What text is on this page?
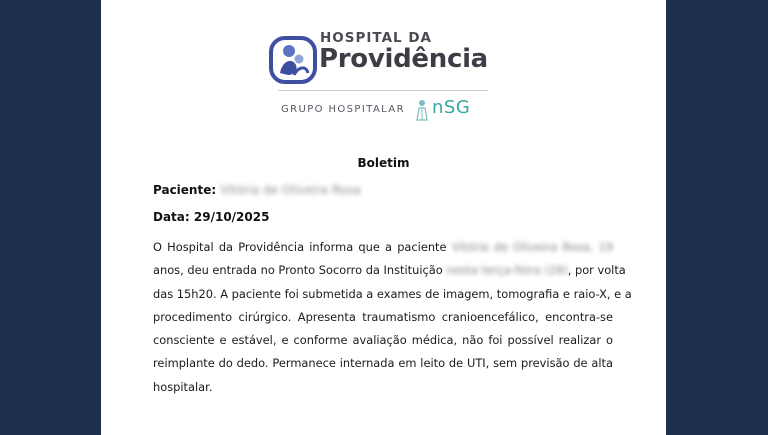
HOSPITAL DA
Providência
GRUPO HOSPITALAR nSG
Boletim
Paciente: Vitória de Oliveira Rosa
Data: 29/10/2025
O Hospital da Providência informa que a paciente Vitória de Oliveira Rosa, 19
anos, deu entrada no Pronto Socorro da Instituição nesta terça-feira (28), por volta
das 15h20. A paciente foi submetida a exames de imagem, tomografia e raio-X, e a
procedimento cirúrgico. Apresenta traumatismo cranioencefálico, encontra-se
consciente e estável, e conforme avaliação médica, não foi possível realizar o
reimplante do dedo. Permanece internada em leito de UTI, sem previsão de alta
hospitalar.
